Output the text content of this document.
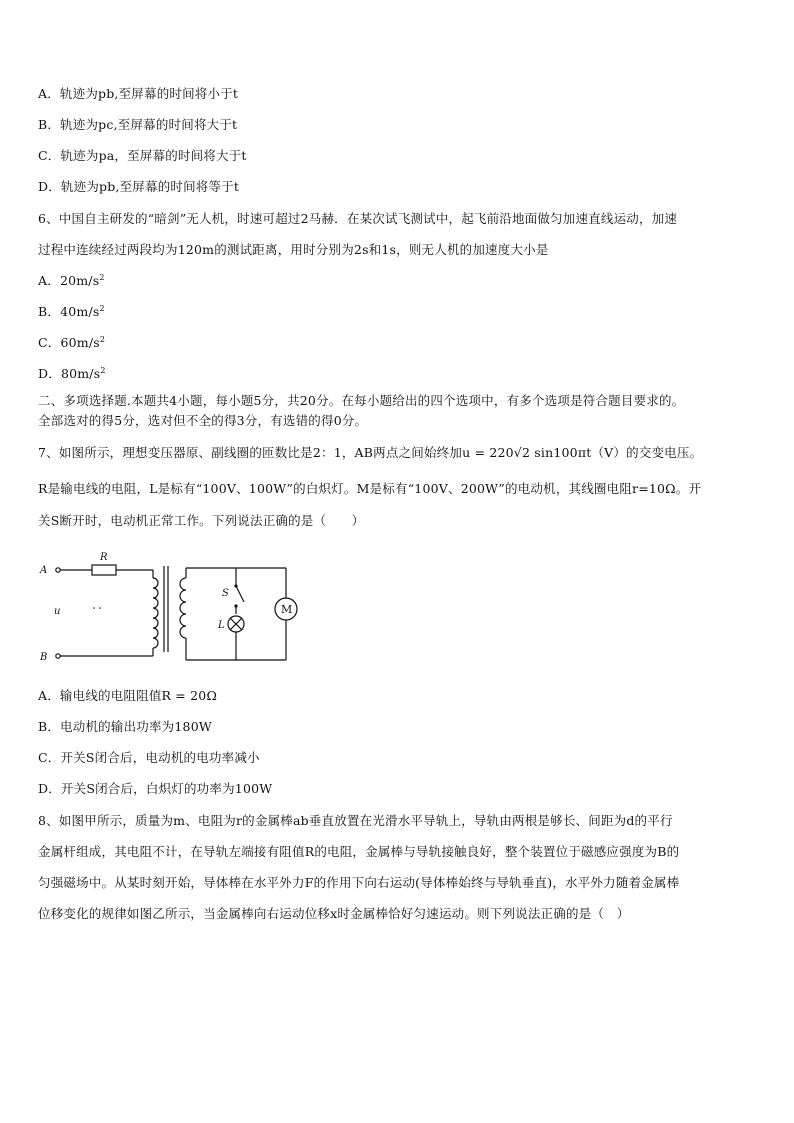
A．轨迹为pb,至屏幕的时间将小于t
B．轨迹为pc,至屏幕的时间将大于t
C．轨迹为pa，至屏幕的时间将大于t
D．轨迹为pb,至屏幕的时间将等于t
6、中国自主研发的“暗剑”无人机，时速可超过2马赫．在某次试飞测试中，起飞前沿地面做匀加速直线运动，加速
过程中连续经过两段均为120m的测试距离，用时分别为2s和1s，则无人机的加速度大小是
A．$20m/s^2$
B．$40m/s^2$
C．$60m/s^2$
D．$80m/s^2$
二、多项选择题.本题共4小题，每小题5分，共20分。在每小题给出的四个选项中，有多个选项是符合题目要求的。
全部选对的得5分，选对但不全的得3分，有选错的得0分。
7、如图所示，理想变压器原、副线圈的匝数比是2：1，AB两点之间始终加u = 220√2 sin100πt（V）的交变电压。
R是输电线的电阻，L是标有“100V、100W”的白炽灯。M是标有“100V、200W”的电动机，其线圈电阻r=10Ω。开
关S断开时，电动机正常工作。下列说法正确的是（　　）
A
B
u
R
S
L
M
A．输电线的电阻阻值R = 20Ω
B．电动机的输出功率为180W
C．开关S闭合后，电动机的电功率减小
D．开关S闭合后，白炽灯的功率为100W
8、如图甲所示，质量为m、电阻为r的金属棒ab垂直放置在光滑水平导轨上，导轨由两根是够长、间距为d的平行
金属杆组成，其电阻不计，在导轨左端接有阻值R的电阻，金属棒与导轨接触良好，整个装置位于磁感应强度为B的
匀强磁场中。从某时刻开始，导体棒在水平外力F的作用下向右运动(导体棒始终与导轨垂直)，水平外力随着金属棒
位移变化的规律如图乙所示，当金属棒向右运动位移x时金属棒恰好匀速运动。则下列说法正确的是（　）
